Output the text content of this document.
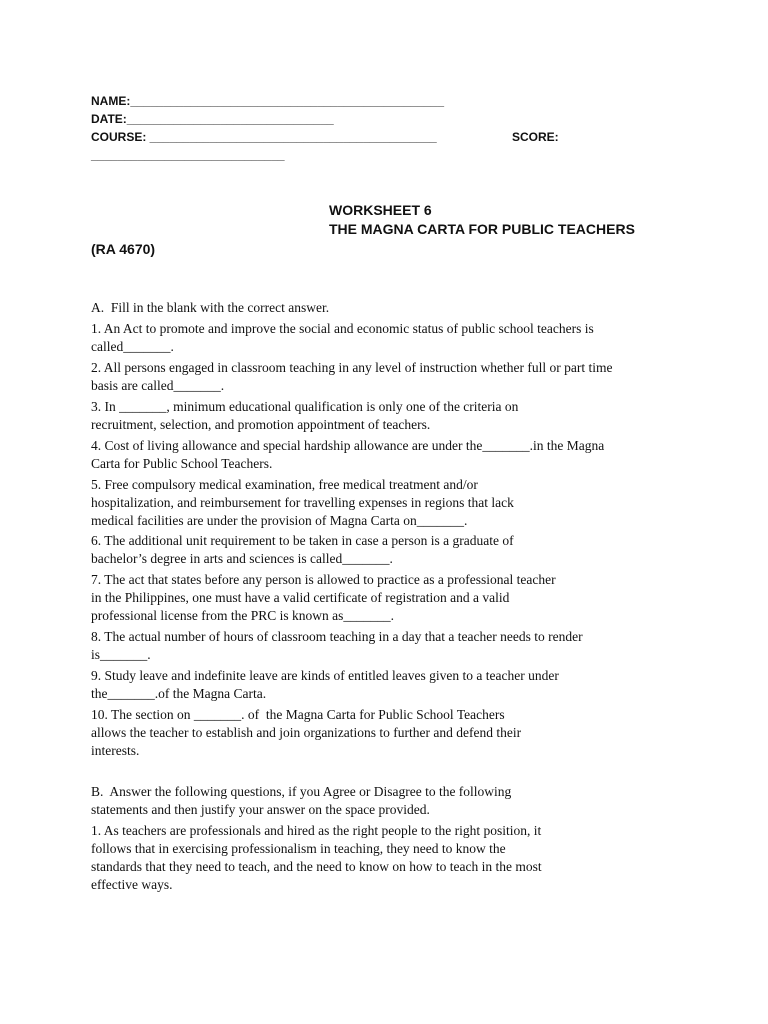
NAME:_______________________________________________
DATE:_______________________________
COURSE: ___________________________________________	SCORE:
_____________________________
WORKSHEET 6
THE MAGNA CARTA FOR PUBLIC TEACHERS
(RA 4670)
A.  Fill in the blank with the correct answer.
1. An Act to promote and improve the social and economic status of public school teachers is
called_______.
2. All persons engaged in classroom teaching in any level of instruction whether full or part time
basis are called_______.
3. In _______, minimum educational qualification is only one of the criteria on
recruitment, selection, and promotion appointment of teachers.
4. Cost of living allowance and special hardship allowance are under the_______.in the Magna
Carta for Public School Teachers.
5. Free compulsory medical examination, free medical treatment and/or
hospitalization, and reimbursement for travelling expenses in regions that lack
medical facilities are under the provision of Magna Carta on_______.
6. The additional unit requirement to be taken in case a person is a graduate of
bachelor’s degree in arts and sciences is called_______.
7. The act that states before any person is allowed to practice as a professional teacher
in the Philippines, one must have a valid certificate of registration and a valid
professional license from the PRC is known as_______.
8. The actual number of hours of classroom teaching in a day that a teacher needs to render
is_______.
9. Study leave and indefinite leave are kinds of entitled leaves given to a teacher under
the_______.of the Magna Carta.
10. The section on _______. of  the Magna Carta for Public School Teachers
allows the teacher to establish and join organizations to further and defend their
interests.
B.  Answer the following questions, if you Agree or Disagree to the following
statements and then justify your answer on the space provided.
1. As teachers are professionals and hired as the right people to the right position, it
follows that in exercising professionalism in teaching, they need to know the
standards that they need to teach, and the need to know on how to teach in the most
effective ways.
